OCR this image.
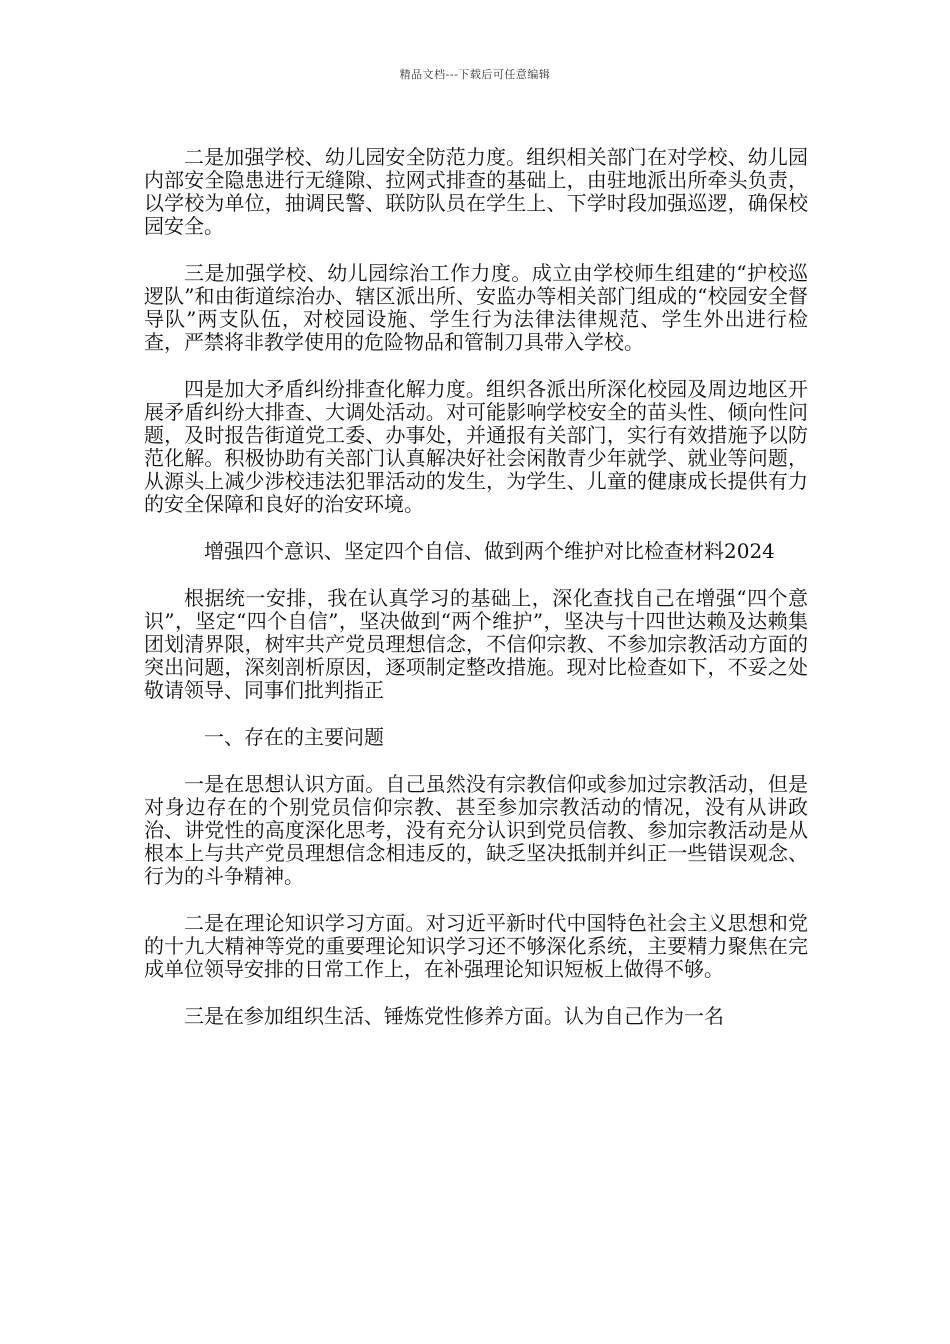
精品文档---下载后可任意编辑

二是加强学校、幼儿园安全防范力度。组织相关部门在对学校、幼儿园内部安全隐患进行无缝隙、拉网式排查的基础上，由驻地派出所牵头负责，以学校为单位，抽调民警、联防队员在学生上、下学时段加强巡逻，确保校园安全。

三是加强学校、幼儿园综治工作力度。成立由学校师生组建的“护校巡逻队”和由街道综治办、辖区派出所、安监办等相关部门组成的“校园安全督导队”两支队伍，对校园设施、学生行为法律法律规范、学生外出进行检查，严禁将非教学使用的危险物品和管制刀具带入学校。

四是加大矛盾纠纷排查化解力度。组织各派出所深化校园及周边地区开展矛盾纠纷大排查、大调处活动。对可能影响学校安全的苗头性、倾向性问题，及时报告街道党工委、办事处，并通报有关部门，实行有效措施予以防范化解。积极协助有关部门认真解决好社会闲散青少年就学、就业等问题，从源头上减少涉校违法犯罪活动的发生，为学生、儿童的健康成长提供有力的安全保障和良好的治安环境。

增强四个意识、坚定四个自信、做到两个维护对比检查材料2024

根据统一安排，我在认真学习的基础上，深化查找自己在增强“四个意识”，坚定“四个自信”，坚决做到“两个维护”，坚决与十四世达赖及达赖集团划清界限，树牢共产党员理想信念，不信仰宗教、不参加宗教活动方面的突出问题，深刻剖析原因，逐项制定整改措施。现对比检查如下，不妥之处敬请领导、同事们批判指正

一、存在的主要问题

一是在思想认识方面。自己虽然没有宗教信仰或参加过宗教活动，但是对身边存在的个别党员信仰宗教、甚至参加宗教活动的情况，没有从讲政治、讲党性的高度深化思考，没有充分认识到党员信教、参加宗教活动是从根本上与共产党员理想信念相违反的，缺乏坚决抵制并纠正一些错误观念、行为的斗争精神。

二是在理论知识学习方面。对习近平新时代中国特色社会主义思想和党的十九大精神等党的重要理论知识学习还不够深化系统，主要精力聚焦在完成单位领导安排的日常工作上，在补强理论知识短板上做得不够。

三是在参加组织生活、锤炼党性修养方面。认为自己作为一名
